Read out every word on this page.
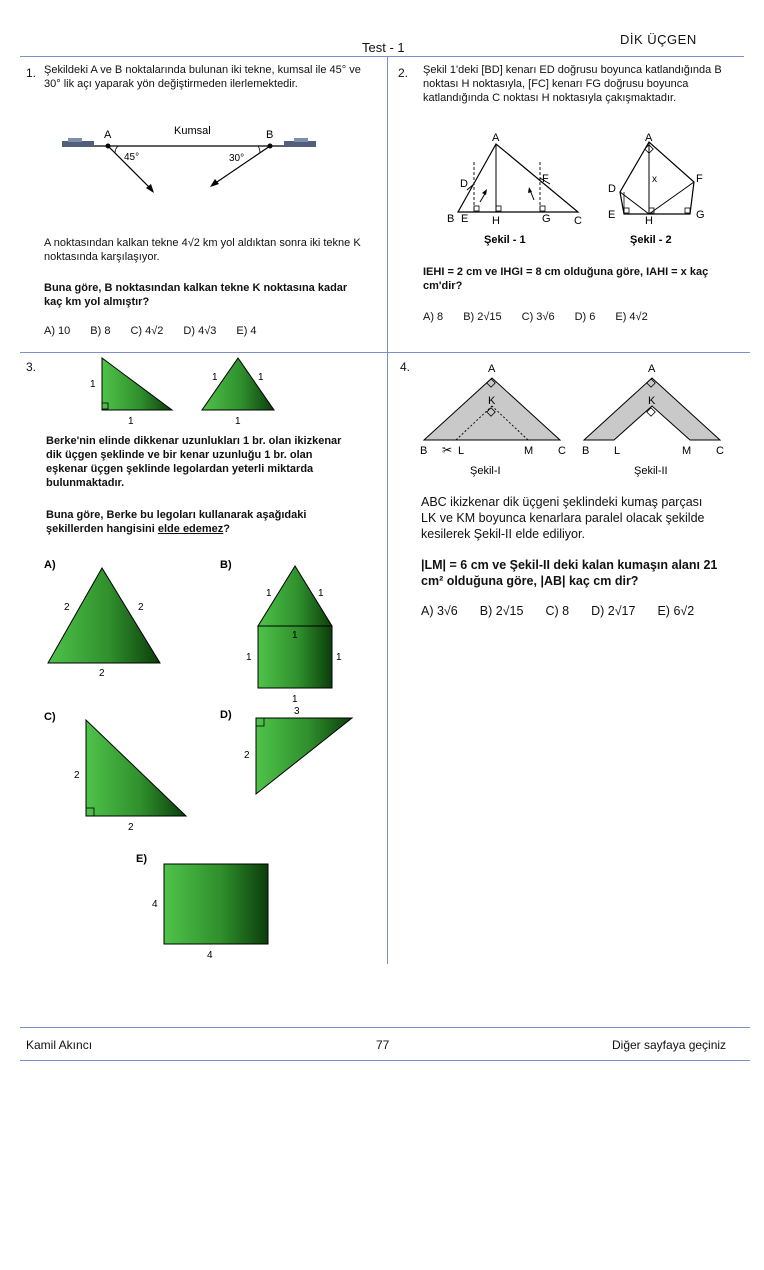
DİK ÜÇGEN
Test - 1
1. Şekildeki A ve B noktalarında bulunan iki tekne, kumsal ile 45° ve 30° lik açı yaparak yön değiştirmeden ilerlemektedir.
Kumsal
A	B
45°	30°
A noktasından kalkan tekne 4√2 km yol aldıktan sonra iki tekne K noktasında karşılaşıyor.
Buna göre, B noktasından kalkan tekne K noktasına kadar kaç km yol almıştır?
A) 10 B) 8 C) 4√2 D) 4√3 E) 4
2. Şekil 1'deki [BD] kenarı ED doğrusu boyunca katlandığında B noktası H noktasıyla, [FC] kenarı FG doğrusu boyunca katlandığında C noktası H noktasıyla çakışmaktadır.
A
D	F
B E H	G C
Şekil - 1
A
x
D
F
E	H	G
Şekil - 2
IEHI = 2 cm ve IHGI = 8 cm olduğuna göre, IAHI = x kaç cm'dir?
A) 8 B) 2√15 C) 3√6 D) 6 E) 4√2
3.
1
1
1	1
1
2	2
2
1	1
1
1	1
1
2
2
3
2
4
4
A)	B)
C)	D)
E)
Berke'nin elinde dikkenar uzunlukları 1 br. olan ikizkenar dik üçgen şeklinde ve bir kenar uzunluğu 1 br. olan eşkenar üçgen şeklinde legolardan yeterli miktarda bulunmaktadır.
Buna göre, Berke bu legoları kullanarak aşağıdaki şekillerden hangisini elde edemez?
4.	A
K
B	L	M C
✂
Şekil-I
A
K
B L	M C
Şekil-II
ABC ikizkenar dik üçgeni şeklindeki kumaş parçası LK ve KM boyunca kenarlara paralel olacak şekilde kesilerek Şekil-II elde ediliyor.
|LM| = 6 cm ve Şekil-II deki kalan kumaşın alanı 21 cm² olduğuna göre, |AB| kaç cm dir?
A) 3√6 B) 2√15 C) 8 D) 2√17 E) 6√2
Kamil Akıncı	77	Diğer sayfaya geçiniz
